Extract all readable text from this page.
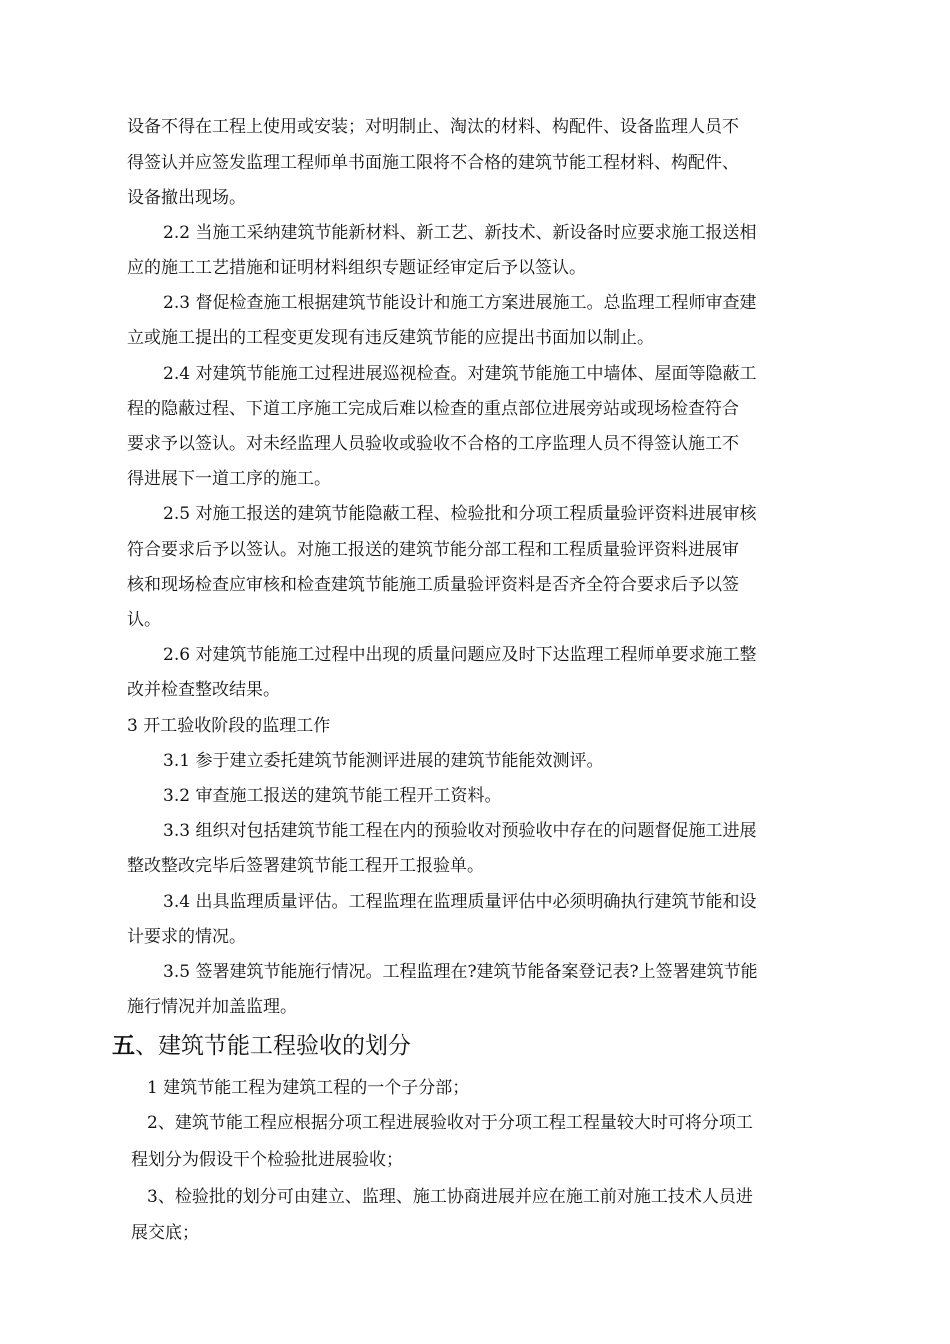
设备不得在工程上使用或安装；对明制止、淘汰的材料、构配件、设备监理人员不
得签认并应签发监理工程师单书面施工限将不合格的建筑节能工程材料、构配件、
设备撤出现场。
2.2 当施工采纳建筑节能新材料、新工艺、新技术、新设备时应要求施工报送相
应的施工工艺措施和证明材料组织专题证经审定后予以签认。
2.3 督促检查施工根据建筑节能设计和施工方案进展施工。总监理工程师审查建
立或施工提出的工程变更发现有违反建筑节能的应提出书面加以制止。
2.4 对建筑节能施工过程进展巡视检查。对建筑节能施工中墙体、屋面等隐蔽工
程的隐蔽过程、下道工序施工完成后难以检查的重点部位进展旁站或现场检查符合
要求予以签认。对未经监理人员验收或验收不合格的工序监理人员不得签认施工不
得进展下一道工序的施工。
2.5 对施工报送的建筑节能隐蔽工程、检验批和分项工程质量验评资料进展审核
符合要求后予以签认。对施工报送的建筑节能分部工程和工程质量验评资料进展审
核和现场检查应审核和检查建筑节能施工质量验评资料是否齐全符合要求后予以签
认。
2.6 对建筑节能施工过程中出现的质量问题应及时下达监理工程师单要求施工整
改并检查整改结果。
3 开工验收阶段的监理工作
3.1 参于建立委托建筑节能测评进展的建筑节能能效测评。
3.2 审查施工报送的建筑节能工程开工资料。
3.3 组织对包括建筑节能工程在内的预验收对预验收中存在的问题督促施工进展
整改整改完毕后签署建筑节能工程开工报验单。
3.4 出具监理质量评估。工程监理在监理质量评估中必须明确执行建筑节能和设
计要求的情况。
3.5 签署建筑节能施行情况。工程监理在?建筑节能备案登记表?上签署建筑节能
施行情况并加盖监理。
五、建筑节能工程验收的划分
1 建筑节能工程为建筑工程的一个子分部；
2、建筑节能工程应根据分项工程进展验收对于分项工程工程量较大时可将分项工
程划分为假设干个检验批进展验收；
3、检验批的划分可由建立、监理、施工协商进展并应在施工前对施工技术人员进
展交底；
